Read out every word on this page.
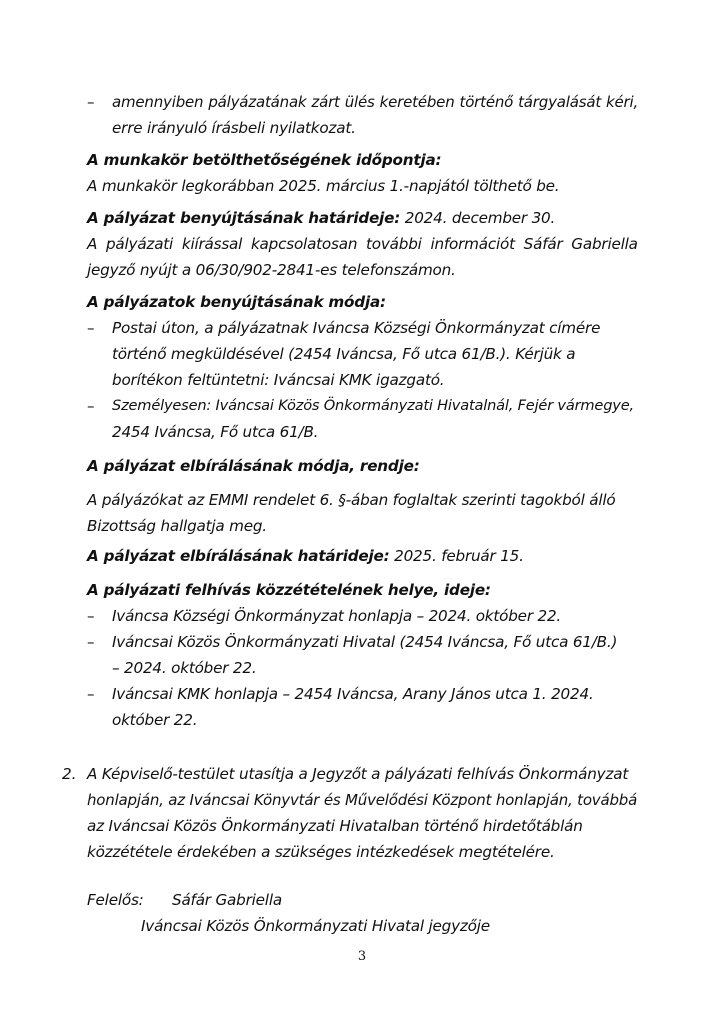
– amennyiben pályázatának zárt ülés keretében történő tárgyalását kéri,
erre irányuló írásbeli nyilatkozat.
A munkakör betölthetőségének időpontja:
A munkakör legkorábban 2025. március 1.-napjától tölthető be.
A pályázat benyújtásának határideje: 2024. december 30.
A pályázati kiírással kapcsolatosan további információt Sáfár Gabriella
jegyző nyújt a 06/30/902-2841-es telefonszámon.
A pályázatok benyújtásának módja:
– Postai úton, a pályázatnak Iváncsa Községi Önkormányzat címére
történő megküldésével (2454 Iváncsa, Fő utca 61/B.). Kérjük a
borítékon feltüntetni: Iváncsai KMK igazgató.
– Személyesen: Iváncsai Közös Önkormányzati Hivatalnál, Fejér vármegye,
2454 Iváncsa, Fő utca 61/B.
A pályázat elbírálásának módja, rendje:
A pályázókat az EMMI rendelet 6. §-ában foglaltak szerinti tagokból álló
Bizottság hallgatja meg.
A pályázat elbírálásának határideje: 2025. február 15.
A pályázati felhívás közzétételének helye, ideje:
– Iváncsa Községi Önkormányzat honlapja – 2024. október 22.
– Iváncsai Közös Önkormányzati Hivatal (2454 Iváncsa, Fő utca 61/B.)
– 2024. október 22.
– Iváncsai KMK honlapja – 2454 Iváncsa, Arany János utca 1. 2024.
október 22.
2. A Képviselő-testület utasítja a Jegyzőt a pályázati felhívás Önkormányzat
honlapján, az Iváncsai Könyvtár és Művelődési Központ honlapján, továbbá
az Iváncsai Közös Önkormányzati Hivatalban történő hirdetőtáblán
közzététele érdekében a szükséges intézkedések megtételére.
Felelős: Sáfár Gabriella
Iváncsai Közös Önkormányzati Hivatal jegyzője
3
